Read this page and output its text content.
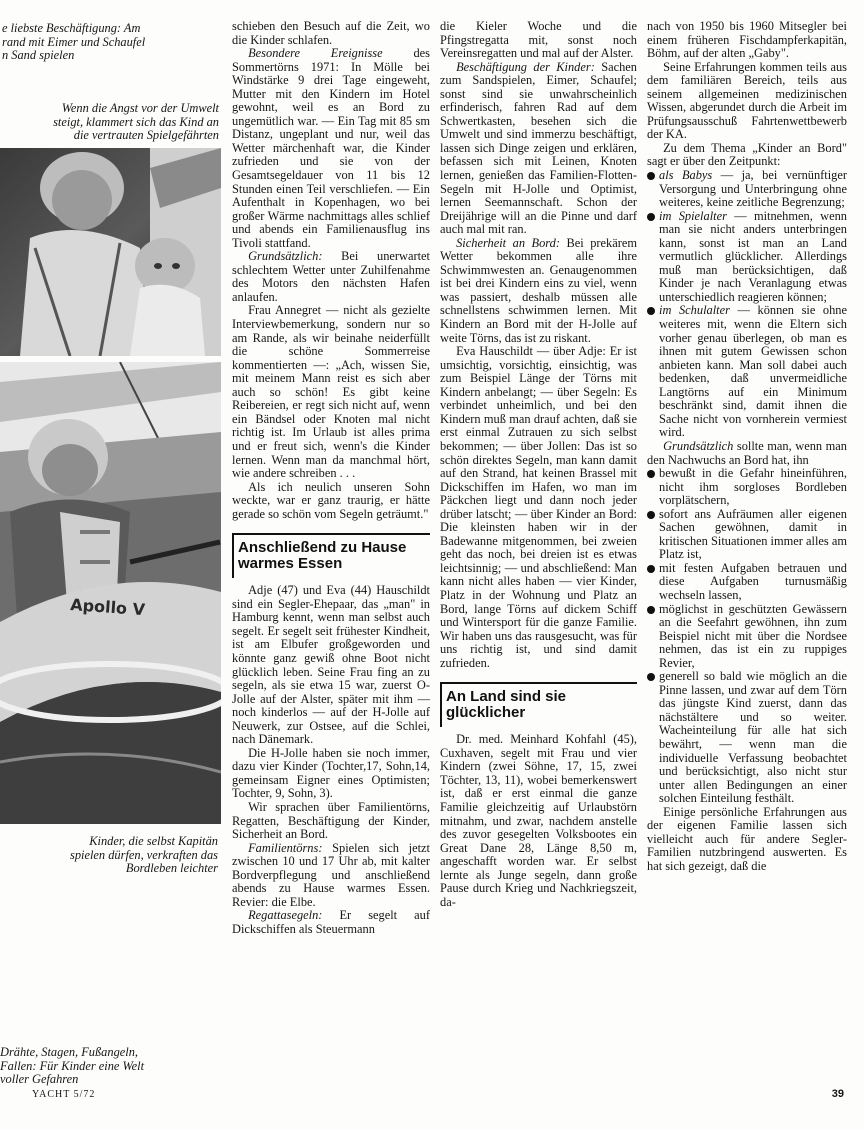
e liebste Beschäftigung: Am
rand mit Eimer und Schaufel
n Sand spielen
Wenn die Angst vor der Umwelt
steigt, klammert sich das Kind an
die vertrauten Spielgefährten
Apollo V
Kinder, die selbst Kapitän
spielen dürfen, verkraften das
Bordleben leichter
Drähte, Stagen, Fußangeln,
Fallen: Für Kinder eine Welt
voller Gefahren

schieben den Besuch auf die Zeit, wo die Kinder schlafen.

Besondere Ereignisse des Sommertörns 1971: In Mölle bei Windstärke 9 drei Tage eingeweht, Mutter mit den Kindern im Hotel gewohnt, weil es an Bord zu ungemütlich war. — Ein Tag mit 85 sm Distanz, ungeplant und nur, weil das Wetter märchenhaft war, die Kinder zufrieden und sie von der Gesamtsegeldauer von 11 bis 12 Stunden einen Teil verschliefen. — Ein Aufenthalt in Kopenhagen, wo bei großer Wärme nachmittags alles schlief und abends ein Familienausflug ins Tivoli stattfand.

Grundsätzlich: Bei unerwartet schlechtem Wetter unter Zuhilfenahme des Motors den nächsten Hafen anlaufen.

Frau Annegret — nicht als gezielte Interviewbemerkung, sondern nur so am Rande, als wir beinahe neiderfüllt die schöne Sommerreise kommentierten —: „Ach, wissen Sie, mit meinem Mann reist es sich aber auch so schön! Es gibt keine Reibereien, er regt sich nicht auf, wenn ein Bändsel oder Knoten mal nicht richtig ist. Im Urlaub ist alles prima und er freut sich, wenn's die Kinder lernen. Wenn man da manchmal hört, wie andere schreiben . . .

Als ich neulich unseren Sohn weckte, war er ganz traurig, er hätte gerade so schön vom Segeln geträumt."

Anschließend zu Hause warmes Essen

Adje (47) und Eva (44) Hauschildt sind ein Segler-Ehepaar, das „man" in Hamburg kennt, wenn man selbst auch segelt. Er segelt seit frühester Kindheit, ist am Elbufer großgeworden und könnte ganz gewiß ohne Boot nicht glücklich leben. Seine Frau fing an zu segeln, als sie etwa 15 war, zuerst O-Jolle auf der Alster, später mit ihm — noch kinderlos — auf der H-Jolle auf Neuwerk, zur Ostsee, auf die Schlei, nach Dänemark.

Die H-Jolle haben sie noch immer, dazu vier Kinder (Tochter,17, Sohn,14, gemeinsam Eigner eines Optimisten; Tochter, 9, Sohn, 3).

Wir sprachen über Familientörns, Regatten, Beschäftigung der Kinder, Sicherheit an Bord.

Familientörns: Spielen sich jetzt zwischen 10 und 17 Uhr ab, mit kalter Bordverpflegung und anschließend abends zu Hause warmes Essen. Revier: die Elbe.

Regattasegeln: Er segelt auf Dickschiffen als Steuermann

die Kieler Woche und die Pfingstregatta mit, sonst noch Vereinsregatten und mal auf der Alster.

Beschäftigung der Kinder: Sachen zum Sandspielen, Eimer, Schaufel; sonst sind sie unwahrscheinlich erfinderisch, fahren Rad auf dem Schwertkasten, besehen sich die Umwelt und sind immerzu beschäftigt, lassen sich Dinge zeigen und erklären, befassen sich mit Leinen, Knoten lernen, genießen das Familien-Flotten-Segeln mit H-Jolle und Optimist, lernen Seemannschaft. Schon der Dreijährige will an die Pinne und darf auch mal mit ran.

Sicherheit an Bord: Bei prekärem Wetter bekommen alle ihre Schwimmwesten an. Genaugenommen ist bei drei Kindern eins zu viel, wenn was passiert, deshalb müssen alle schnellstens schwimmen lernen. Mit Kindern an Bord mit der H-Jolle auf weite Törns, das ist zu riskant.

Eva Hauschildt — über Adje: Er ist umsichtig, vorsichtig, einsichtig, was zum Beispiel Länge der Törns mit Kindern anbelangt; — über Segeln: Es verbindet unheimlich, und bei den Kindern muß man drauf achten, daß sie erst einmal Zutrauen zu sich selbst bekommen; — über Jollen: Das ist so schön direktes Segeln, man kann damit auf den Strand, hat keinen Brassel mit Dickschiffen im Hafen, wo man im Päckchen liegt und dann noch jeder drüber latscht; — über Kinder an Bord: Die kleinsten haben wir in der Badewanne mitgenommen, bei zweien geht das noch, bei dreien ist es etwas leichtsinnig; — und abschließend: Man kann nicht alles haben — vier Kinder, Platz in der Wohnung und Platz an Bord, lange Törns auf dickem Schiff und Wintersport für die ganze Familie. Wir haben uns das rausgesucht, was für uns richtig ist, und sind damit zufrieden.

An Land sind sie glücklicher

Dr. med. Meinhard Kohfahl (45), Cuxhaven, segelt mit Frau und vier Kindern (zwei Söhne, 17, 15, zwei Töchter, 13, 11), wobei bemerkenswert ist, daß er erst einmal die ganze Familie gleichzeitig auf Urlaubstörn mitnahm, und zwar, nachdem anstelle des zuvor gesegelten Volksbootes ein Great Dane 28, Länge 8,50 m, angeschafft worden war. Er selbst lernte als Junge segeln, dann große Pause durch Krieg und Nachkriegszeit, da-

nach von 1950 bis 1960 Mitsegler bei einem früheren Fischdampferkapitän, Böhm, auf der alten „Gaby".

Seine Erfahrungen kommen teils aus dem familiären Bereich, teils aus seinem allgemeinen medizinischen Wissen, abgerundet durch die Arbeit im Prüfungsausschuß Fahrtenwettbewerb der KA.

Zu dem Thema „Kinder an Bord" sagt er über den Zeitpunkt:

als Babys — ja, bei vernünftiger Versorgung und Unterbringung ohne weiteres, keine zeitliche Begrenzung;

im Spielalter — mitnehmen, wenn man sie nicht anders unterbringen kann, sonst ist man an Land vermutlich glücklicher. Allerdings muß man berücksichtigen, daß Kinder je nach Veranlagung etwas unterschiedlich reagieren können;

im Schulalter — können sie ohne weiteres mit, wenn die Eltern sich vorher genau überlegen, ob man es ihnen mit gutem Gewissen schon anbieten kann. Man soll dabei auch bedenken, daß unvermeidliche Langtörns auf ein Minimum beschränkt sind, damit ihnen die Sache nicht von vornherein vermiest wird.

Grundsätzlich sollte man, wenn man den Nachwuchs an Bord hat, ihn

bewußt in die Gefahr hineinführen, nicht ihm sorgloses Bordleben vorplätschern,

sofort ans Aufräumen aller eigenen Sachen gewöhnen, damit in kritischen Situationen immer alles am Platz ist,

mit festen Aufgaben betrauen und diese Aufgaben turnusmäßig wechseln lassen,

möglichst in geschützten Gewässern an die Seefahrt gewöhnen, ihn zum Beispiel nicht mit über die Nordsee nehmen, das ist ein zu ruppiges Revier,

generell so bald wie möglich an die Pinne lassen, und zwar auf dem Törn das jüngste Kind zuerst, dann das nächstältere und so weiter. Wacheinteilung für alle hat sich bewährt, — wenn man die individuelle Verfassung beobachtet und berücksichtigt, also nicht stur unter allen Bedingungen an einer solchen Einteilung festhält.

Einige persönliche Erfahrungen aus der eigenen Familie lassen sich vielleicht auch für andere Segler-Familien nutzbringend auswerten. Es hat sich gezeigt, daß die

YACHT 5/72	39
